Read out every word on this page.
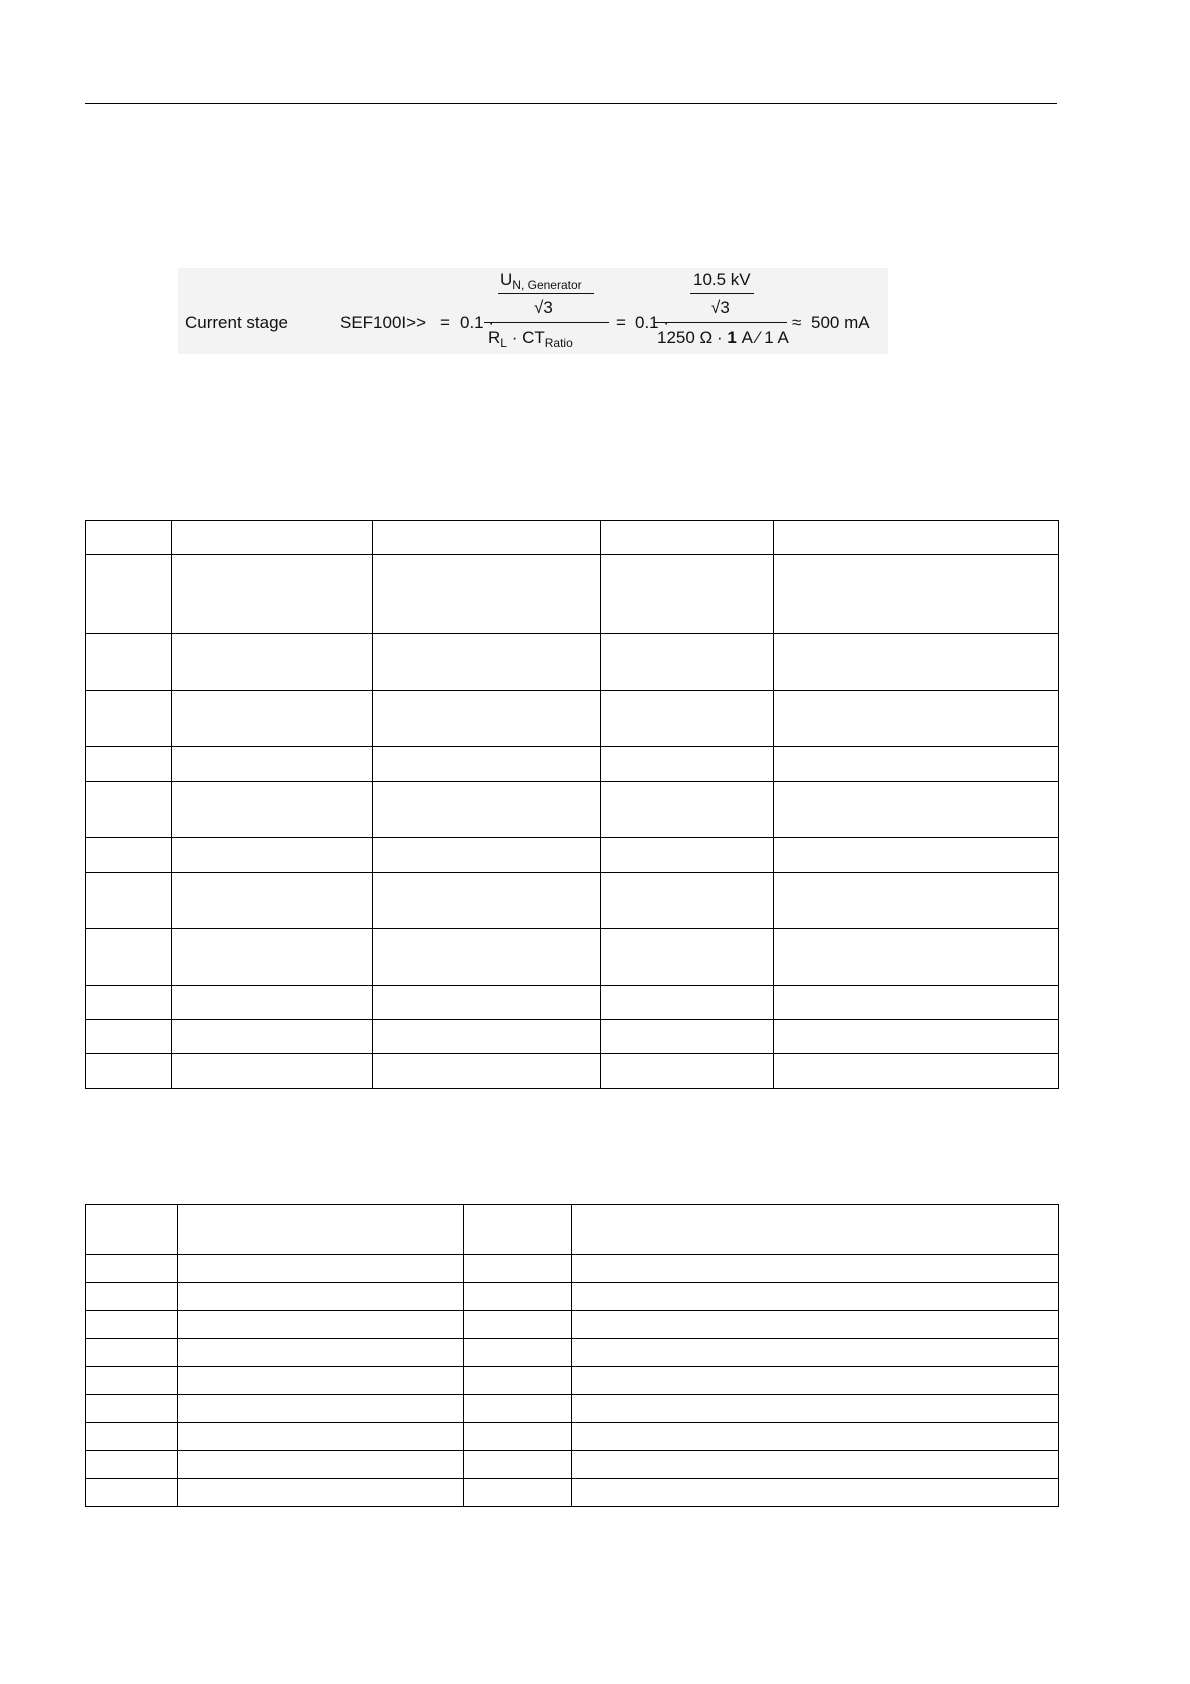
Current stage	SEF100I>> = 0.1 ·
$U_{N, Generator}$
√3
$R_L \cdot CT_{Ratio}$
= 0.1 ·
10.5 kV
√3
1250 Ω · 1 A ⁄ 1 A
≈ 500 mA
